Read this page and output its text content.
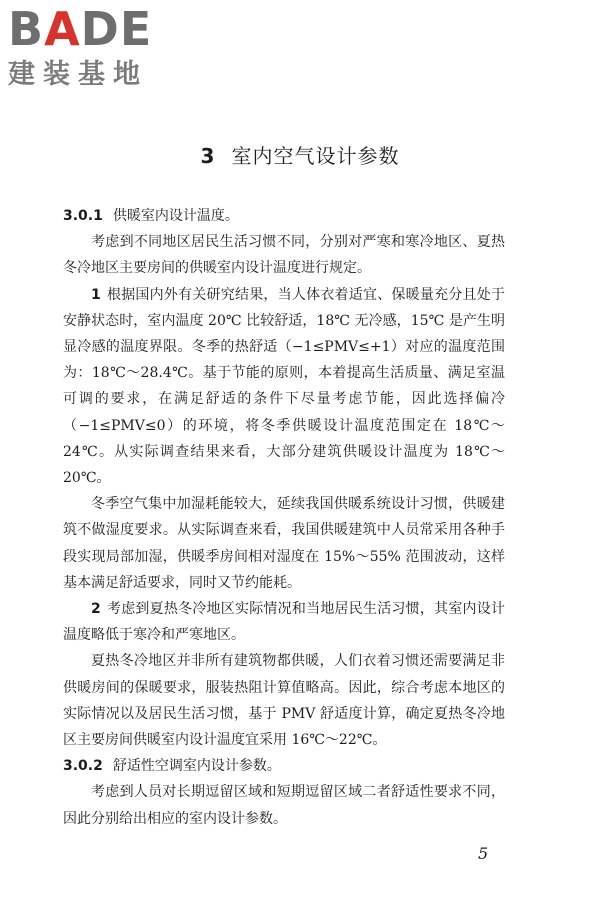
BADE
建装基地
3 室内空气设计参数

3.0.1 供暖室内设计温度。

考虑到不同地区居民生活习惯不同，分别对严寒和寒冷地区、夏热冬冷地区主要房间的供暖室内设计温度进行规定。

1 根据国内外有关研究结果，当人体衣着适宜、保暖量充分且处于安静状态时，室内温度 20℃ 比较舒适，18℃ 无冷感，15℃ 是产生明显冷感的温度界限。冬季的热舒适（−1≤PMV≤+1）对应的温度范围为：18℃～28.4℃。基于节能的原则，本着提高生活质量、满足室温可调的要求，在满足舒适的条件下尽量考虑节能，因此选择偏冷（−1≤PMV≤0）的环境，将冬季供暖设计温度范围定在 18℃～24℃。从实际调查结果来看，大部分建筑供暖设计温度为 18℃～20℃。

冬季空气集中加湿耗能较大，延续我国供暖系统设计习惯，供暖建筑不做湿度要求。从实际调查来看，我国供暖建筑中人员常采用各种手段实现局部加湿，供暖季房间相对湿度在 15%～55% 范围波动，这样基本满足舒适要求，同时又节约能耗。

2 考虑到夏热冬冷地区实际情况和当地居民生活习惯，其室内设计温度略低于寒冷和严寒地区。

夏热冬冷地区并非所有建筑物都供暖，人们衣着习惯还需要满足非供暖房间的保暖要求，服装热阻计算值略高。因此，综合考虑本地区的实际情况以及居民生活习惯，基于 PMV 舒适度计算，确定夏热冬冷地区主要房间供暖室内设计温度宜采用 16℃～22℃。

3.0.2 舒适性空调室内设计参数。

考虑到人员对长期逗留区域和短期逗留区域二者舒适性要求不同，因此分别给出相应的室内设计参数。

5
